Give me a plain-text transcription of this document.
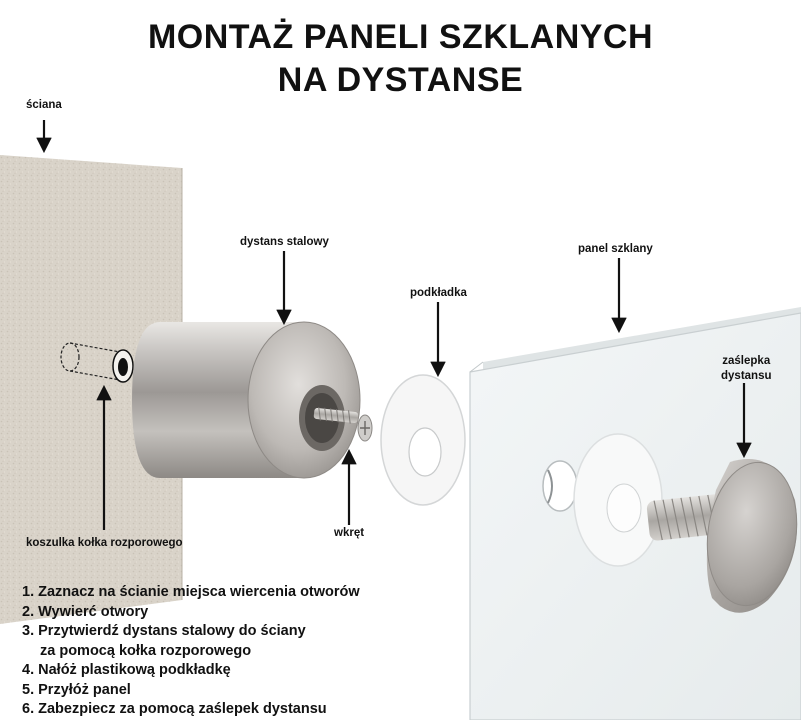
MONTAŻ PANELI SZKLANYCH
NA DYSTANSE
ściana
dystans stalowy
podkładka
panel szklany
zaślepka
dystansu
wkręt
koszulka kołka rozporowego
1. Zaznacz na ścianie miejsca wiercenia otworów
2. Wywierć otwory
3. Przytwierdź dystans stalowy do ściany
za pomocą kołka rozporowego
4. Nałóż plastikową podkładkę
5. Przyłóż panel
6. Zabezpiecz za pomocą zaślepek dystansu
